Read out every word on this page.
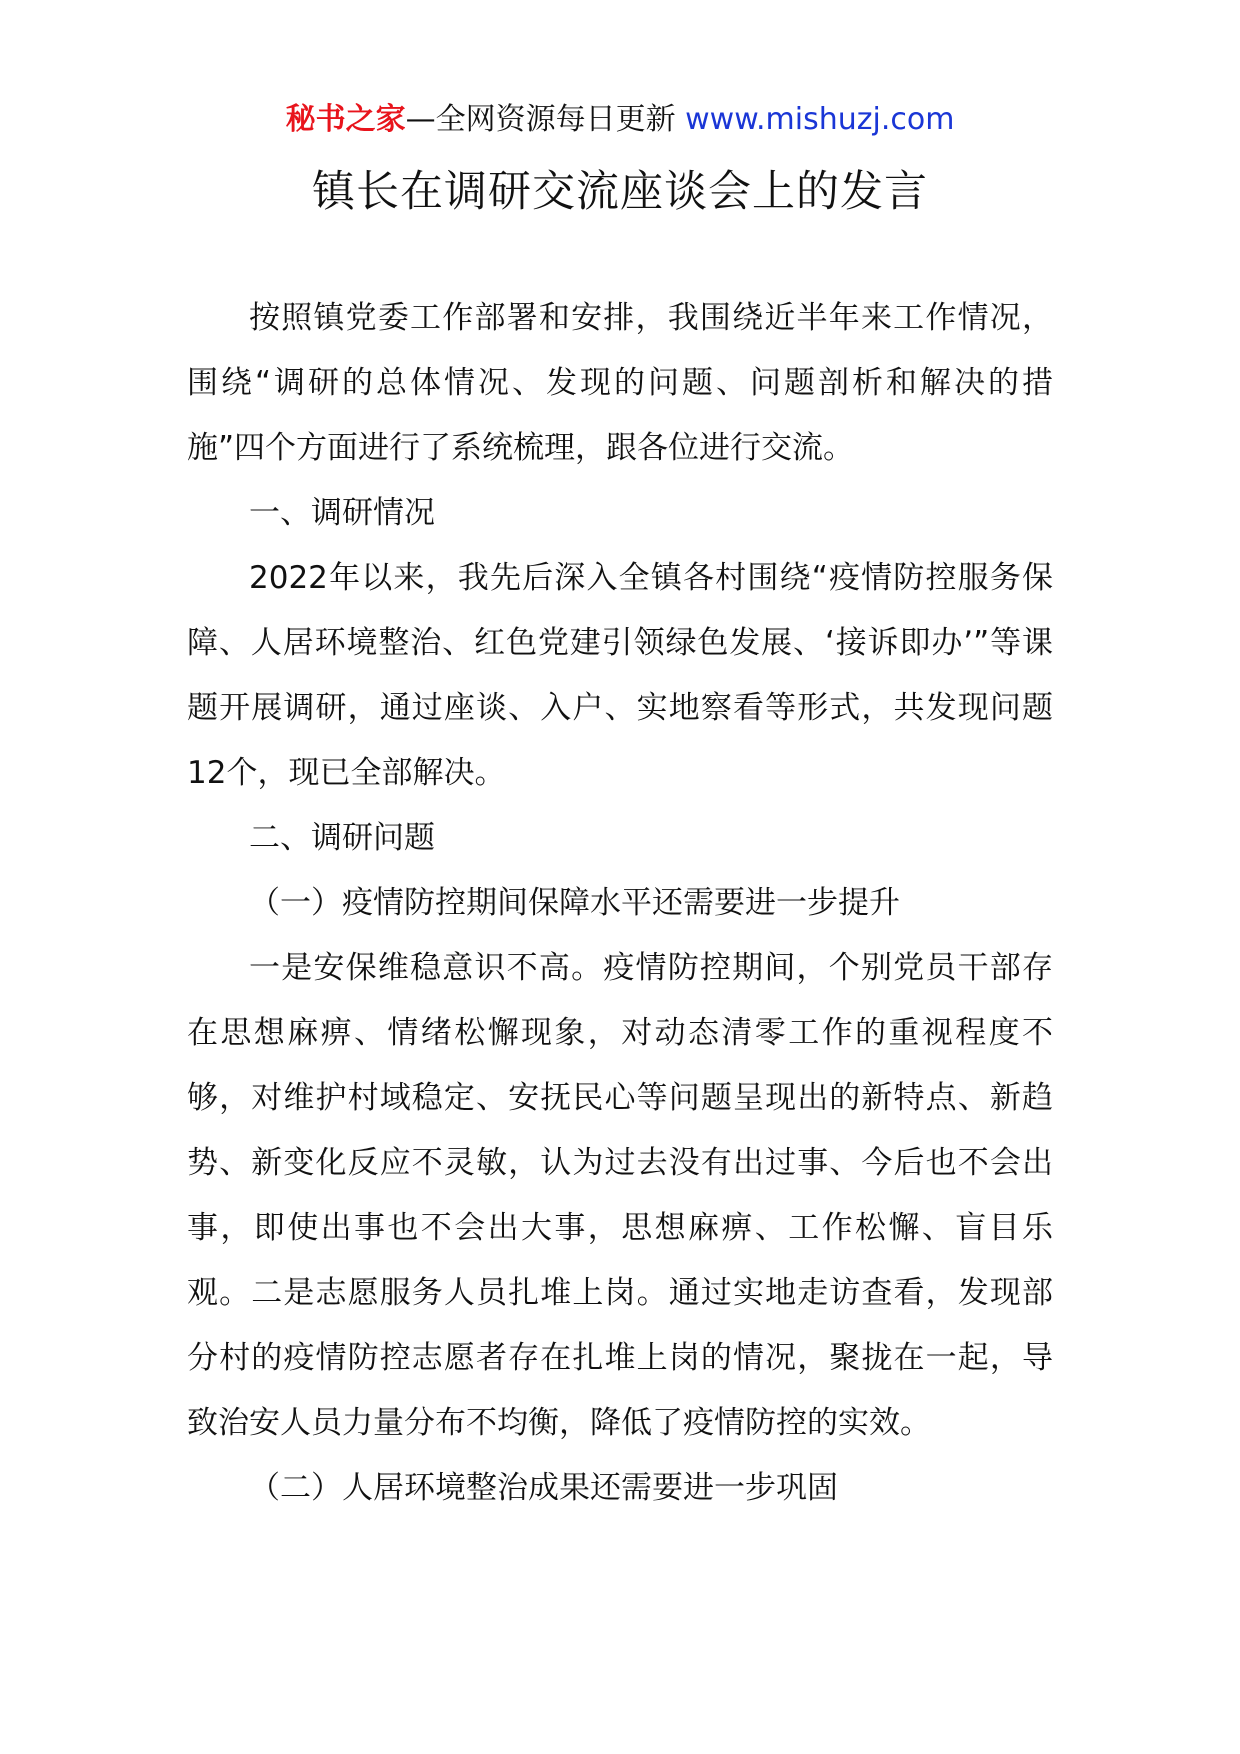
秘书之家—全网资源每日更新 www.mishuzj.com
镇长在调研交流座谈会上的发言

按照镇党委工作部署和安排，我围绕近半年来工作情况，围绕“调研的总体情况、发现的问题、问题剖析和解决的措施”四个方面进行了系统梳理，跟各位进行交流。

一、调研情况

2022年以来，我先后深入全镇各村围绕“疫情防控服务保障、人居环境整治、红色党建引领绿色发展、‘接诉即办’”等课题开展调研，通过座谈、入户、实地察看等形式，共发现问题12个，现已全部解决。

二、调研问题

（一）疫情防控期间保障水平还需要进一步提升

一是安保维稳意识不高。疫情防控期间，个别党员干部存在思想麻痹、情绪松懈现象，对动态清零工作的重视程度不够，对维护村域稳定、安抚民心等问题呈现出的新特点、新趋势、新变化反应不灵敏，认为过去没有出过事、今后也不会出事，即使出事也不会出大事，思想麻痹、工作松懈、盲目乐观。二是志愿服务人员扎堆上岗。通过实地走访查看，发现部分村的疫情防控志愿者存在扎堆上岗的情况，聚拢在一起，导致治安人员力量分布不均衡，降低了疫情防控的实效。

（二）人居环境整治成果还需要进一步巩固
